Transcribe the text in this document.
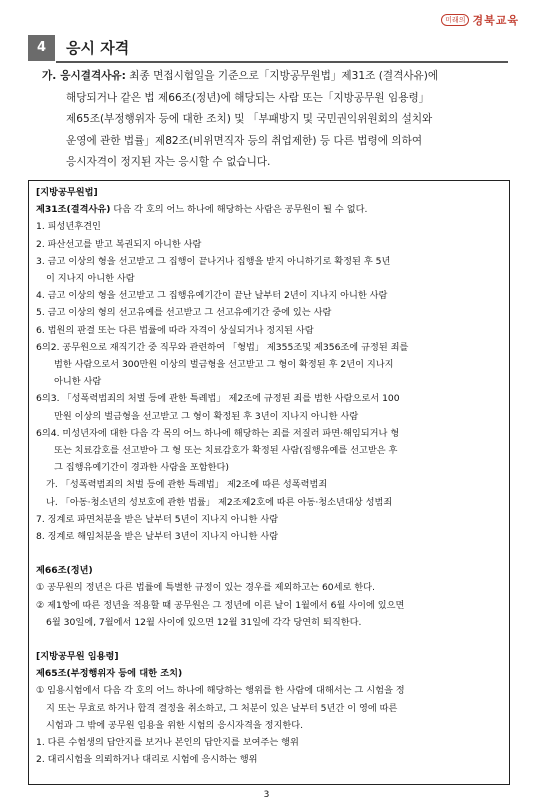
미래의 경북교육
4	응시 자격
가. 응시결격사유: 최종 면접시험일을 기준으로「지방공무원법」제31조 (결격사유)에
해당되거나 같은 법 제66조(정년)에 해당되는 사람 또는「지방공무원 임용령」
제65조(부정행위자 등에 대한 조치) 및 「부패방지 및 국민권익위원회의 설치와
운영에 관한 법률」제82조(비위면직자 등의 취업제한) 등 다른 법령에 의하여
응시자격이 정지된 자는 응시할 수 없습니다.
[지방공무원법]
제31조(결격사유) 다음 각 호의 어느 하나에 해당하는 사람은 공무원이 될 수 없다.
1. 피성년후견인
2. 파산선고를 받고 복권되지 아니한 사람
3. 금고 이상의 형을 선고받고 그 집행이 끝나거나 집행을 받지 아니하기로 확정된 후 5년
이 지나지 아니한 사람
4. 금고 이상의 형을 선고받고 그 집행유예기간이 끝난 날부터 2년이 지나지 아니한 사람
5. 금고 이상의 형의 선고유예를 선고받고 그 선고유예기간 중에 있는 사람
6. 법원의 판결 또는 다른 법률에 따라 자격이 상실되거나 정지된 사람
6의2. 공무원으로 재직기간 중 직무와 관련하여 「형법」 제355조및 제356조에 규정된 죄를
범한 사람으로서 300만원 이상의 벌금형을 선고받고 그 형이 확정된 후 2년이 지나지
아니한 사람
6의3. 「성폭력범죄의 처벌 등에 관한 특례법」 제2조에 규정된 죄를 범한 사람으로서 100
만원 이상의 벌금형을 선고받고 그 형이 확정된 후 3년이 지나지 아니한 사람
6의4. 미성년자에 대한 다음 각 목의 어느 하나에 해당하는 죄를 저질러 파면·해임되거나 형
또는 치료감호를 선고받아 그 형 또는 치료감호가 확정된 사람(집행유예를 선고받은 후
그 집행유예기간이 경과한 사람을 포함한다)
가. 「성폭력범죄의 처벌 등에 관한 특례법」 제2조에 따른 성폭력범죄
나. 「아동·청소년의 성보호에 관한 법률」 제2조제2호에 따른 아동·청소년대상 성범죄
7. 징계로 파면처분을 받은 날부터 5년이 지나지 아니한 사람
8. 징계로 해임처분을 받은 날부터 3년이 지나지 아니한 사람
제66조(정년)
① 공무원의 정년은 다른 법률에 특별한 규정이 있는 경우를 제외하고는 60세로 한다.
② 제1항에 따른 정년을 적용할 때 공무원은 그 정년에 이른 날이 1월에서 6월 사이에 있으면
6월 30일에, 7월에서 12월 사이에 있으면 12월 31일에 각각 당연히 퇴직한다.
[지방공무원 임용령]
제65조(부정행위자 등에 대한 조치)
① 임용시험에서 다음 각 호의 어느 하나에 해당하는 행위를 한 사람에 대해서는 그 시험을 정
지 또는 무효로 하거나 합격 결정을 취소하고, 그 처분이 있은 날부터 5년간 이 영에 따른
시험과 그 밖에 공무원 임용을 위한 시험의 응시자격을 정지한다.
1. 다른 수험생의 답안지를 보거나 본인의 답안지를 보여주는 행위
2. 대리시험을 의뢰하거나 대리로 시험에 응시하는 행위
3
